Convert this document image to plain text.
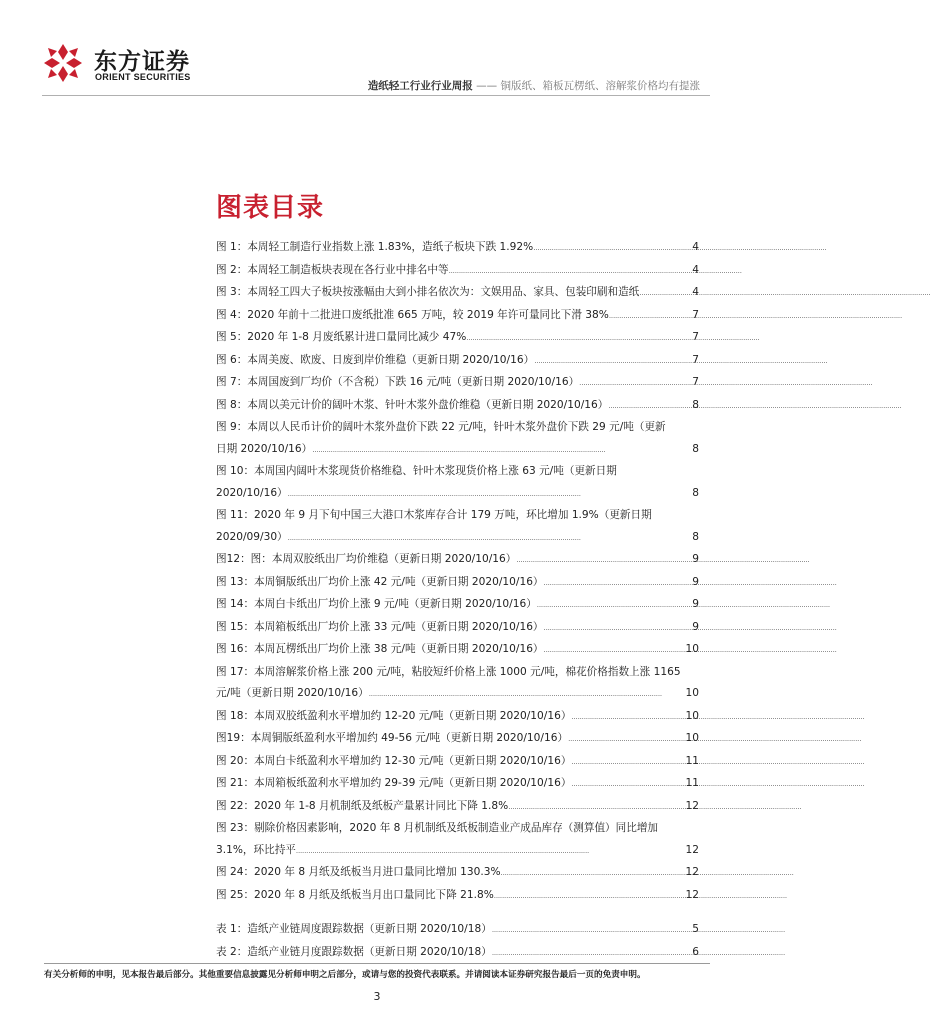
东方证券
ORIENT SECURITIES
造纸轻工行业行业周报 —— 铜版纸、箱板瓦楞纸、溶解浆价格均有提涨
图表目录
图 1：本周轻工制造行业指数上涨 1.83%，造纸子板块下跌 1.92% . . .	4
图 2：本周轻工制造板块表现在各行业中排名中等 . . .	4
图 3：本周轻工四大子板块按涨幅由大到小排名依次为：文娱用品、家具、包装印刷和造纸 . . .	4
图 4：2020 年前十二批进口废纸批准 665 万吨，较 2019 年许可量同比下滑 38% . . .	7
图 5：2020 年 1-8 月废纸累计进口量同比减少 47% . . .	7
图 6：本周美废、欧废、日废到岸价维稳（更新日期 2020/10/16） . . .	7
图 7：本周国废到厂均价（不含税）下跌 16 元/吨（更新日期 2020/10/16） . . .	7
图 8：本周以美元计价的阔叶木浆、针叶木浆外盘价维稳（更新日期 2020/10/16） . . .	8
图 9：本周以人民币计价的阔叶木浆外盘价下跌 22 元/吨，针叶木浆外盘价下跌 29 元/吨（更新
日期 2020/10/16） . . .	8
图 10：本周国内阔叶木浆现货价格维稳、针叶木浆现货价格上涨 63 元/吨（更新日期
2020/10/16） . . .	8
图 11：2020 年 9 月下旬中国三大港口木浆库存合计 179 万吨，环比增加 1.9%（更新日期
2020/09/30） . . .	8
图12：图：本周双胶纸出厂均价维稳（更新日期 2020/10/16） . . .	9
图 13：本周铜版纸出厂均价上涨 42 元/吨（更新日期 2020/10/16） . . .	9
图 14：本周白卡纸出厂均价上涨 9 元/吨（更新日期 2020/10/16） . . .	9
图 15：本周箱板纸出厂均价上涨 33 元/吨（更新日期 2020/10/16） . . .	9
图 16：本周瓦楞纸出厂均价上涨 38 元/吨（更新日期 2020/10/16） . . .	10
图 17：本周溶解浆价格上涨 200 元/吨，粘胶短纤价格上涨 1000 元/吨，棉花价格指数上涨 1165
元/吨（更新日期 2020/10/16） . . .	10
图 18：本周双胶纸盈利水平增加约 12-20 元/吨（更新日期 2020/10/16） . . .	10
图19：本周铜版纸盈利水平增加约 49-56 元/吨（更新日期 2020/10/16） . . .	10
图 20：本周白卡纸盈利水平增加约 12-30 元/吨（更新日期 2020/10/16） . . .	11
图 21：本周箱板纸盈利水平增加约 29-39 元/吨（更新日期 2020/10/16） . . .	11
图 22：2020 年 1-8 月机制纸及纸板产量累计同比下降 1.8% . . .	12
图 23：剔除价格因素影响，2020 年 8 月机制纸及纸板制造业产成品库存（测算值）同比增加
3.1%，环比持平 . . .	12
图 24：2020 年 8 月纸及纸板当月进口量同比增加 130.3% . . .	12
图 25：2020 年 8 月纸及纸板当月出口量同比下降 21.8% . . .	12
表 1：造纸产业链周度跟踪数据（更新日期 2020/10/18） . . .	5
表 2：造纸产业链月度跟踪数据（更新日期 2020/10/18） . . .	6
有关分析师的申明，见本报告最后部分。其他重要信息披露见分析师申明之后部分，或请与您的投资代表联系。并请阅读本证券研究报告最后一页的免责申明。
3
